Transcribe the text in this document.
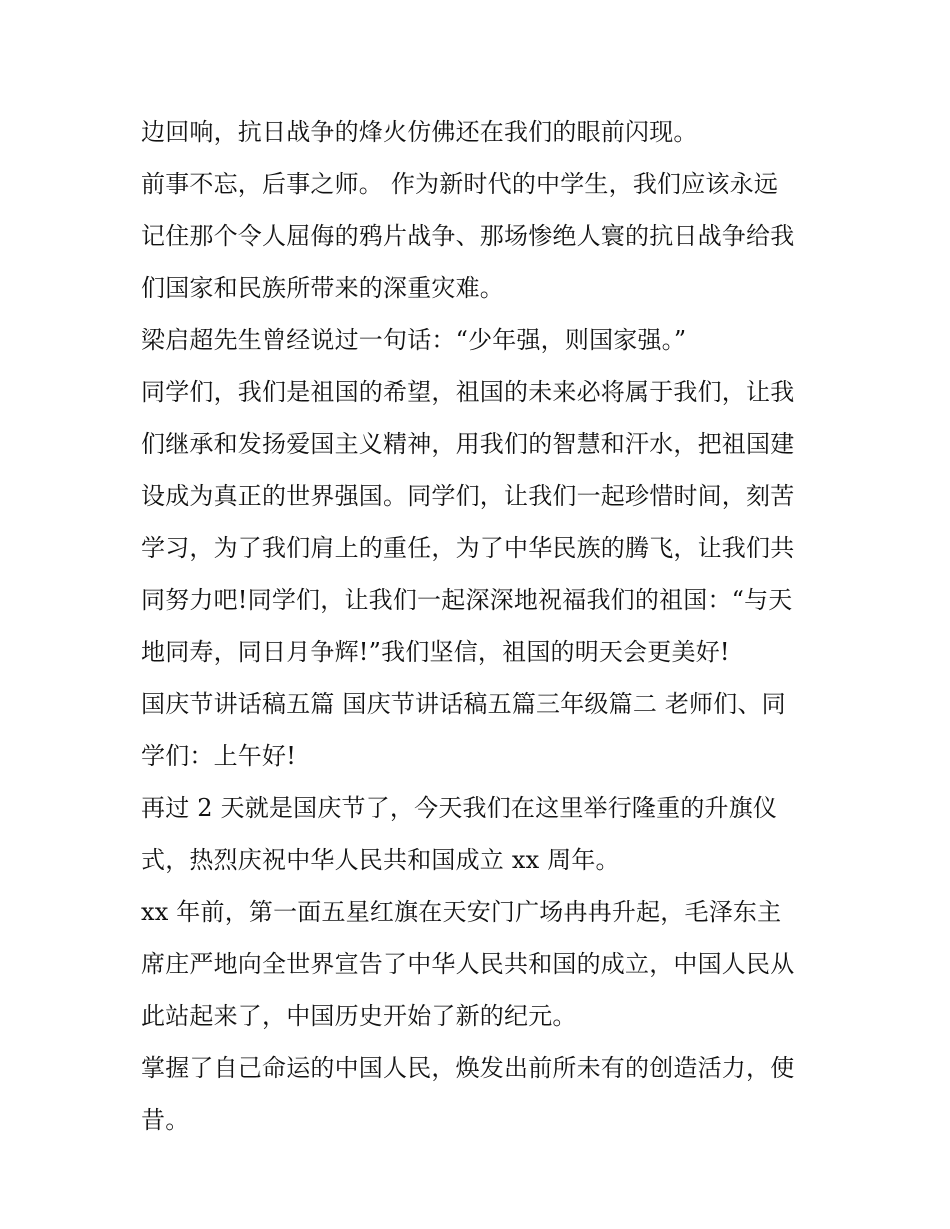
边回响，抗日战争的烽火仿佛还在我们的眼前闪现。
前事不忘，后事之师。 作为新时代的中学生，我们应该永远
记住那个令人屈侮的鸦片战争、那场惨绝人寰的抗日战争给我
们国家和民族所带来的深重灾难。
梁启超先生曾经说过一句话：“少年强，则国家强。”
同学们，我们是祖国的希望，祖国的未来必将属于我们，让我
们继承和发扬爱国主义精神，用我们的智慧和汗水，把祖国建
设成为真正的世界强国。同学们，让我们一起珍惜时间，刻苦
学习，为了我们肩上的重任，为了中华民族的腾飞，让我们共
同努力吧!同学们，让我们一起深深地祝福我们的祖国：“与天
地同寿，同日月争辉!”我们坚信，祖国的明天会更美好!
国庆节讲话稿五篇 国庆节讲话稿五篇三年级篇二 老师们、同
学们：上午好!
再过 2 天就是国庆节了，今天我们在这里举行隆重的升旗仪
式，热烈庆祝中华人民共和国成立 xx 周年。
xx 年前，第一面五星红旗在天安门广场冉冉升起，毛泽东主
席庄严地向全世界宣告了中华人民共和国的成立，中国人民从
此站起来了，中国历史开始了新的纪元。
掌握了自己命运的中国人民，焕发出前所未有的创造活力，使
昔。
